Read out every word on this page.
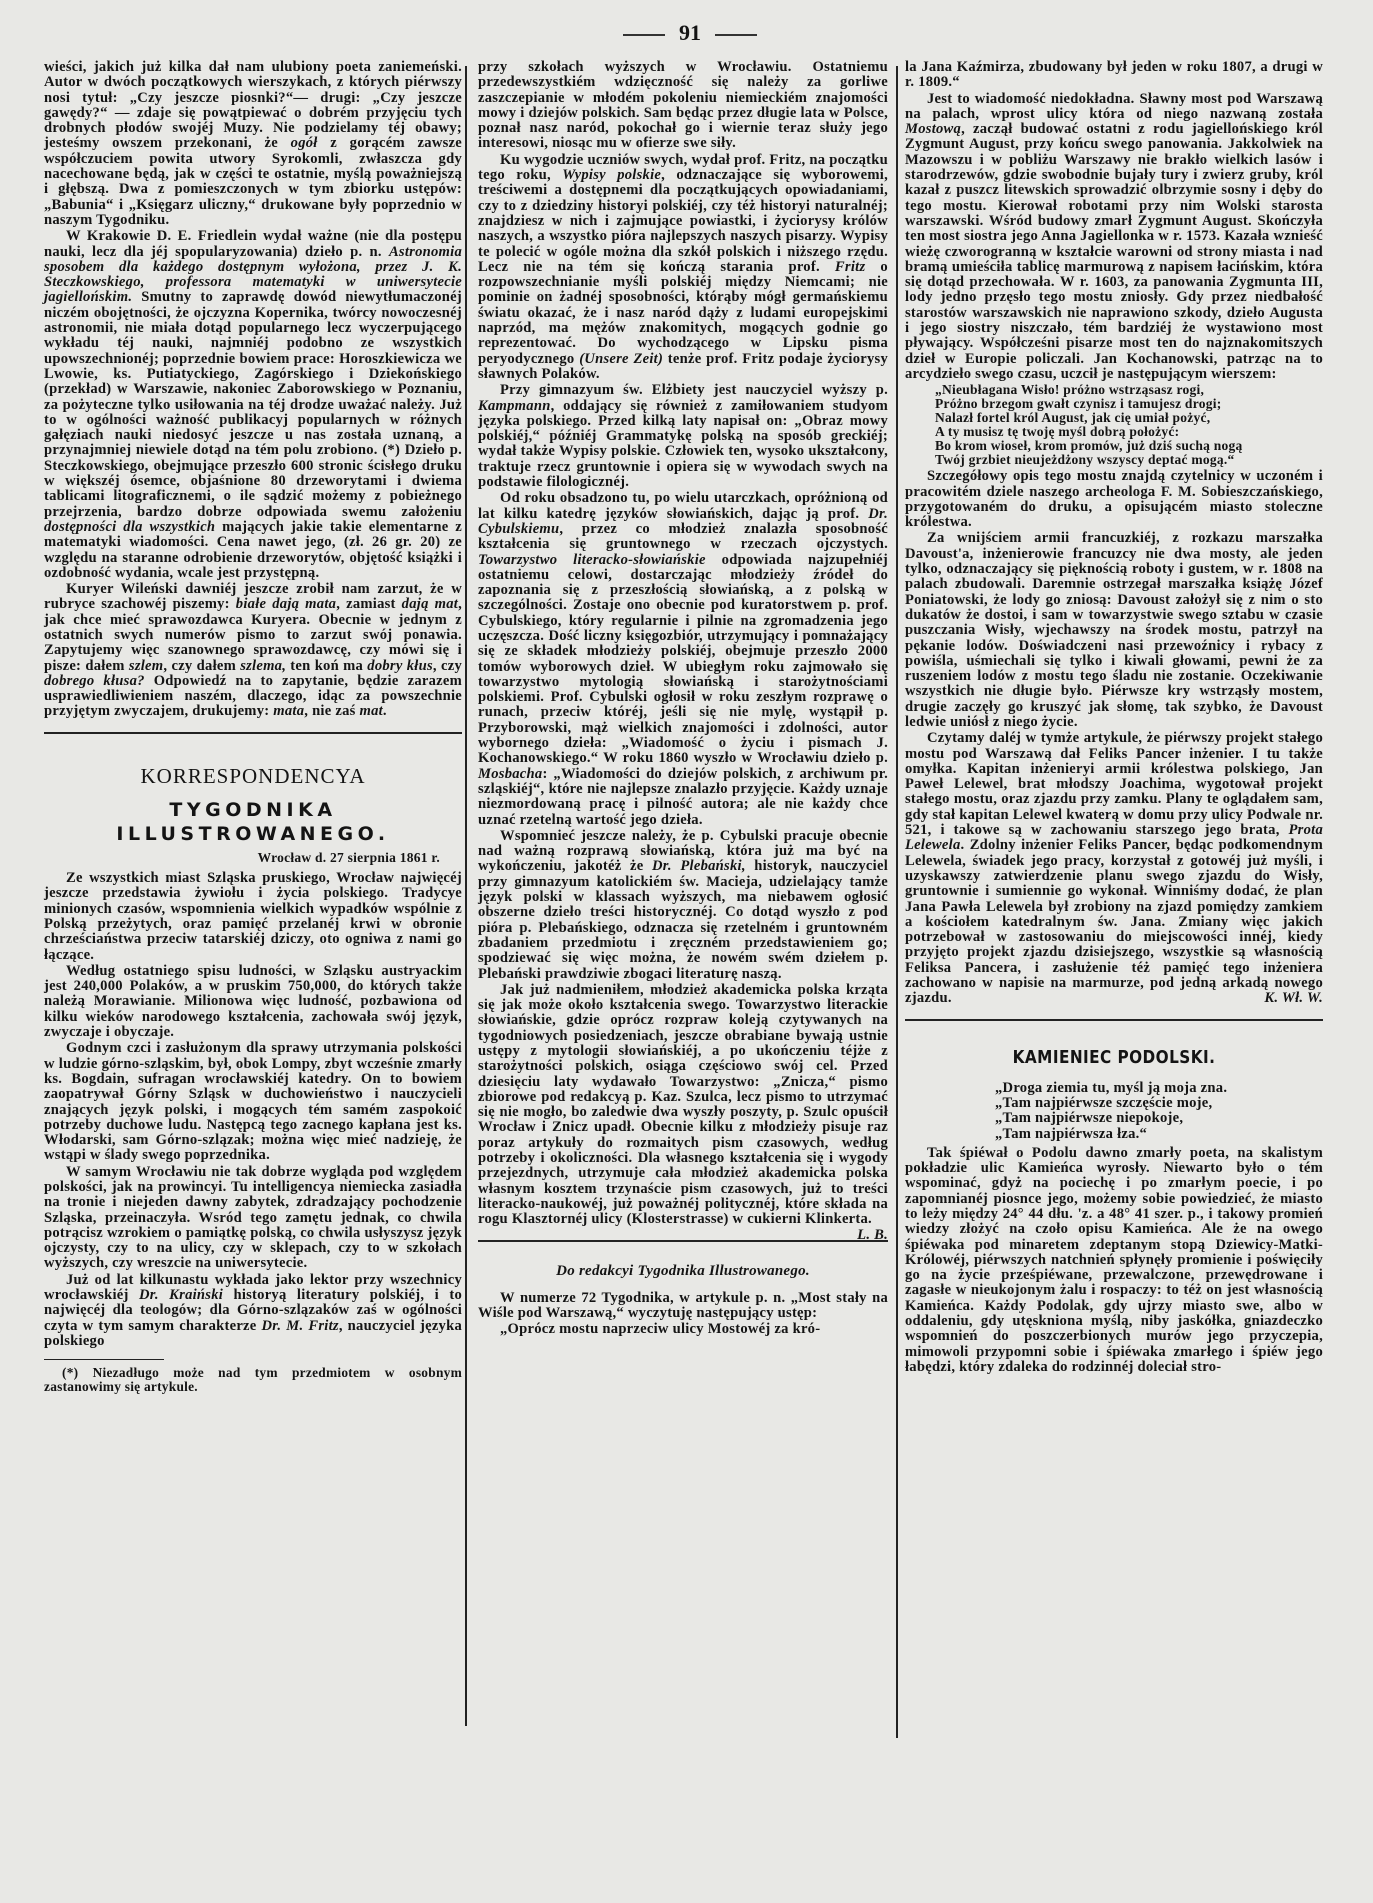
91

wieści, jakich już kilka dał nam ulubiony poeta zaniemeński. Autor w dwóch początkowych wierszykach, z których piérwszy nosi tytuł: „Czy jeszcze piosnki?“— drugi: „Czy jeszcze gawędy?“ — zdaje się powątpiewać o dobrém przyjęciu tych drobnych płodów swojéj Muzy. Nie podzielamy téj obawy; jesteśmy owszem przekonani, że ogół z gorącém zawsze współczuciem powita utwory Syrokomli, zwłaszcza gdy nacechowane będą, jak w części te ostatnie, myślą poważniejszą i głębszą. Dwa z pomieszczonych w tym zbiorku ustępów: „Babunia“ i „Księgarz uliczny,“ drukowane były poprzednio w naszym Tygodniku.

W Krakowie D. E. Friedlein wydał ważne (nie dla postępu nauki, lecz dla jéj spopularyzowania) dzieło p. n. Astronomia sposobem dla każdego dostępnym wyłożona, przez J. K. Steczkowskiego, professora matematyki w uniwersytecie jagiellońskim. Smutny to zaprawdę dowód niewytłumaczonéj niczém obojętności, że ojczyzna Kopernika, twórcy nowoczesnéj astronomii, nie miała dotąd popularnego lecz wyczerpującego wykładu téj nauki, najmniéj podobno ze wszystkich upowszechnionéj; poprzednie bowiem prace: Horoszkiewicza we Lwowie, ks. Putiatyckiego, Zagórskiego i Dziekońskiego (przekład) w Warszawie, nakoniec Zaborowskiego w Poznaniu, za pożyteczne tylko usiłowania na téj drodze uważać należy. Już to w ogólności ważność publikacyj popularnych w różnych gałęziach nauki niedosyć jeszcze u nas została uznaną, a przynajmniej niewiele dotąd na tém polu zrobiono. (*) Dzieło p. Steczkowskiego, obejmujące przeszło 600 stronic ścisłego druku w większéj ósemce, objaśnione 80 drzeworytami i dwiema tablicami litograficznemi, o ile sądzić możemy z pobieżnego przejrzenia, bardzo dobrze odpowiada swemu założeniu dostępności dla wszystkich mających jakie takie elementarne z matematyki wiadomości. Cena nawet jego, (zł. 26 gr. 20) ze względu na staranne odrobienie drzeworytów, objętość książki i ozdobność wydania, wcale jest przystępną.

Kuryer Wileński dawniéj jeszcze zrobił nam zarzut, że w rubryce szachowéj piszemy: białe dają mata, zamiast dają mat, jak chce mieć sprawozdawca Kuryera. Obecnie w jednym z ostatnich swych numerów pismo to zarzut swój ponawia. Zapytujemy więc szanownego sprawozdawcę, czy mówi się i pisze: dałem szlem, czy dałem szlema, ten koń ma dobry kłus, czy dobrego kłusa? Odpowiedź na to zapytanie, będzie zarazem usprawiedliwieniem naszém, dlaczego, idąc za powszechnie przyjętym zwyczajem, drukujemy: mata, nie zaś mat.

KORRESPONDENCYA
TYGODNIKA ILLUSTROWANEGO.
Wrocław d. 27 sierpnia 1861 r.

Ze wszystkich miast Szląska pruskiego, Wrocław najwięcéj jeszcze przedstawia żywiołu i życia polskiego. Tradycye minionych czasów, wspomnienia wielkich wypadków wspólnie z Polską przeżytych, oraz pamięć przelanéj krwi w obronie chrześciaństwa przeciw tatarskiéj dziczy, oto ogniwa z nami go łączące.

Według ostatniego spisu ludności, w Szląsku austryackim jest 240,000 Polaków, a w pruskim 750,000, do których także należą Morawianie. Milionowa więc ludność, pozbawiona od kilku wieków narodowego kształcenia, zachowała swój język, zwyczaje i obyczaje.

Godnym czci i zasłużonym dla sprawy utrzymania polskości w ludzie górno-szląskim, był, obok Lompy, zbyt wcześnie zmarły ks. Bogdain, sufragan wrocławskiéj katedry. On to bowiem zaopatrywał Górny Szląsk w duchowieństwo i nauczycieli znających język polski, i mogących tém samém zaspokoić potrzeby duchowe ludu. Następcą tego zacnego kapłana jest ks. Włodarski, sam Górno-szlązak; można więc mieć nadzieję, że wstąpi w ślady swego poprzednika.

W samym Wrocławiu nie tak dobrze wygląda pod względem polskości, jak na prowincyi. Tu intelligencya niemiecka zasiadła na tronie i niejeden dawny zabytek, zdradzający pochodzenie Szląska, przeinaczyła. Wsród tego zamętu jednak, co chwila potrącisz wzrokiem o pamiątkę polską, co chwila usłyszysz język ojczysty, czy to na ulicy, czy w sklepach, czy to w szkołach wyższych, czy wreszcie na uniwersytecie.

Już od lat kilkunastu wykłada jako lektor przy wszechnicy wrocławskiéj Dr. Kraiński historyą literatury polskiéj, i to najwięcéj dla teologów; dla Górno-szlązaków zaś w ogólności czyta w tym samym charakterze Dr. M. Fritz, nauczyciel języka polskiego

(*) Niezadługo może nad tym przedmiotem w osobnym zastanowimy się artykule.

przy szkołach wyższych w Wrocławiu. Ostatniemu przedewszystkiém wdzięczność się należy za gorliwe zaszczepianie w młodém pokoleniu niemieckiém znajomości mowy i dziejów polskich. Sam będąc przez długie lata w Polsce, poznał nasz naród, pokochał go i wiernie teraz służy jego interesowi, niosąc mu w ofierze swe siły.

Ku wygodzie uczniów swych, wydał prof. Fritz, na początku tego roku, Wypisy polskie, odznaczające się wyborowemi, treściwemi a dostępnemi dla początkujących opowiadaniami, czy to z dziedziny historyi polskiéj, czy téż historyi naturalnéj; znajdziesz w nich i zajmujące powiastki, i życiorysy królów naszych, a wszystko pióra najlepszych naszych pisarzy. Wypisy te polecić w ogóle można dla szkół polskich i niższego rzędu. Lecz nie na tém się kończą starania prof. Fritz o rozpowszechnianie myśli polskiéj między Niemcami; nie pominie on żadnéj sposobności, którąby mógł germańskiemu światu okazać, że i nasz naród dąży z ludami europejskimi naprzód, ma mężów znakomitych, mogących godnie go reprezentować. Do wychodzącego w Lipsku pisma peryodycznego (Unsere Zeit) tenże prof. Fritz podaje życiorysy sławnych Polaków.

Przy gimnazyum św. Elżbiety jest nauczyciel wyższy p. Kampmann, oddający się również z zamiłowaniem studyom języka polskiego. Przed kilką laty napisał on: „Obraz mowy polskiéj,“ późniéj Grammatykę polską na sposób greckiéj; wydał także Wypisy polskie. Człowiek ten, wysoko ukształcony, traktuje rzecz gruntownie i opiera się w wywodach swych na podstawie filologicznéj.

Od roku obsadzono tu, po wielu utarczkach, opróżnioną od lat kilku katedrę języków słowiańskich, dając ją prof. Dr. Cybulskiemu, przez co młodzież znalazła sposobność kształcenia się gruntownego w rzeczach ojczystych. Towarzystwo literacko-słowiańskie odpowiada najzupełniéj ostatniemu celowi, dostarczając młodzieży źródeł do zapoznania się z przeszłością słowiańską, a z polską w szczególności. Zostaje ono obecnie pod kuratorstwem p. prof. Cybulskiego, który regularnie i pilnie na zgromadzenia jego uczęszcza. Dość liczny księgozbiór, utrzymujący i pomnażający się ze składek młodzieży polskiéj, obejmuje przeszło 2000 tomów wyborowych dzieł. W ubiegłym roku zajmowało się towarzystwo mytologią słowiańską i starożytnościami polskiemi. Prof. Cybulski ogłosił w roku zeszłym rozprawę o runach, przeciw któréj, jeśli się nie mylę, wystąpił p. Przyborowski, mąż wielkich znajomości i zdolności, autor wybornego dzieła: „Wiadomość o życiu i pismach J. Kochanowskiego.“ W roku 1860 wyszło w Wrocławiu dzieło p. Mosbacha: „Wiadomości do dziejów polskich, z archiwum pr. szląskiéj“, które nie najlepsze znalazło przyjęcie. Każdy uznaje niezmordowaną pracę i pilność autora; ale nie każdy chce uznać rzetelną wartość jego dzieła.

Wspomnieć jeszcze należy, że p. Cybulski pracuje obecnie nad ważną rozprawą słowiańską, która już ma być na wykończeniu, jakotéż że Dr. Plebański, historyk, nauczyciel przy gimnazyum katolickiém św. Macieja, udzielający tamże język polski w klassach wyższych, ma niebawem ogłosić obszerne dzieło treści historycznéj. Co dotąd wyszło z pod pióra p. Plebańskiego, odznacza się rzetelném i gruntowném zbadaniem przedmiotu i zręczném przedstawieniem go; spodziewać się więc można, że nowém swém dziełem p. Plebański prawdziwie zbogaci literaturę naszą.

Jak już nadmieniłem, młodzież akademicka polska krząta się jak może około kształcenia swego. Towarzystwo literackie słowiańskie, gdzie oprócz rozpraw koleją czytywanych na tygodniowych posiedzeniach, jeszcze obrabiane bywają ustnie ustępy z mytologii słowiańskiéj, a po ukończeniu téjże z starożytności polskich, osiąga częściowo swój cel. Przed dziesięciu laty wydawało Towarzystwo: „Znicza,“ pismo zbiorowe pod redakcyą p. Kaz. Szulca, lecz pismo to utrzymać się nie mogło, bo zaledwie dwa wyszły poszyty, p. Szulc opuścił Wrocław i Znicz upadł. Obecnie kilku z młodzieży pisuje raz poraz artykuły do rozmaitych pism czasowych, według potrzeby i okoliczności. Dla własnego kształcenia się i wygody przejezdnych, utrzymuje cała młodzież akademicka polska własnym kosztem trzynaście pism czasowych, już to treści literacko-naukowéj, już poważnéj politycznéj, które składa na rogu Klasztornéj ulicy (Klosterstrasse) w cukierni Klinkerta.
L. B.

Do redakcyi Tygodnika Illustrowanego.

W numerze 72 Tygodnika, w artykule p. n. „Most stały na Wiśle pod Warszawą,“ wyczytuję następujący ustęp:

„Oprócz mostu naprzeciw ulicy Mostowéj za kró-

la Jana Kaźmirza, zbudowany był jeden w roku 1807, a drugi w r. 1809.“

Jest to wiadomość niedokładna. Sławny most pod Warszawą na palach, wprost ulicy która od niego nazwaną została Mostową, zaczął budować ostatni z rodu jagiellońskiego król Zygmunt August, przy końcu swego panowania. Jakkolwiek na Mazowszu i w pobliżu Warszawy nie brakło wielkich lasów i starodrzewów, gdzie swobodnie bujały tury i zwierz gruby, król kazał z puszcz litewskich sprowadzić olbrzymie sosny i dęby do tego mostu. Kierował robotami przy nim Wolski starosta warszawski. Wśród budowy zmarł Zygmunt August. Skończyła ten most siostra jego Anna Jagiellonka w r. 1573. Kazała wznieść wieżę czworogranną w kształcie warowni od strony miasta i nad bramą umieściła tablicę marmurową z napisem łacińskim, która się dotąd przechowała. W r. 1603, za panowania Zygmunta III, lody jedno przęsło tego mostu zniosły. Gdy przez niedbałość starostów warszawskich nie naprawiono szkody, dzieło Augusta i jego siostry niszczało, tém bardziéj że wystawiono most pływający. Współcześni pisarze most ten do najznakomitszych dzieł w Europie policzali. Jan Kochanowski, patrząc na to arcydzieło swego czasu, uczcił je następującym wierszem:

„Nieubłagana Wisło! próżno wstrząsasz rogi,
Próżno brzegom gwałt czynisz i tamujesz drogi;
Nalazł fortel król August, jak cię umiał pożyć,
A ty musisz tę twoję myśl dobrą położyć:
Bo krom wioseł, krom promów, już dziś suchą nogą
Twój grzbiet nieujeżdżony wszyscy deptać mogą.“

Szczegółowy opis tego mostu znajdą czytelnicy w uczoném i pracowitém dziele naszego archeologa F. M. Sobieszczańskiego, przygotowaném do druku, a opisującém miasto stoleczne królestwa.

Za wnijściem armii francuzkiéj, z rozkazu marszałka Davoust'a, inżenierowie francuzcy nie dwa mosty, ale jeden tylko, odznaczający się pięknością roboty i gustem, w r. 1808 na palach zbudowali. Daremnie ostrzegał marszałka książę Józef Poniatowski, że lody go zniosą: Davoust założył się z nim o sto dukatów że dostoi, i sam w towarzystwie swego sztabu w czasie puszczania Wisły, wjechawszy na środek mostu, patrzył na pękanie lodów. Doświadczeni nasi przewoźnicy i rybacy z powiśla, uśmiechali się tylko i kiwali głowami, pewni że za ruszeniem lodów z mostu tego śladu nie zostanie. Oczekiwanie wszystkich nie długie było. Piérwsze kry wstrząsły mostem, drugie zaczęły go kruszyć jak słomę, tak szybko, że Davoust ledwie uniósł z niego życie.

Czytamy daléj w tymże artykule, że piérwszy projekt stałego mostu pod Warszawą dał Feliks Pancer inżenier. I tu także omyłka. Kapitan inżenieryi armii królestwa polskiego, Jan Paweł Lelewel, brat młodszy Joachima, wygotował projekt stałego mostu, oraz zjazdu przy zamku. Plany te oglądałem sam, gdy stał kapitan Lelewel kwaterą w domu przy ulicy Podwale nr. 521, i takowe są w zachowaniu starszego jego brata, Prota Lelewela. Zdolny inżenier Feliks Pancer, będąc podkomendnym Lelewela, świadek jego pracy, korzystał z gotowéj już myśli, i uzyskawszy zatwierdzenie planu swego zjazdu do Wisły, gruntownie i sumiennie go wykonał. Winniśmy dodać, że plan Jana Pawła Lelewela był zrobiony na zjazd pomiędzy zamkiem a kościołem katedralnym św. Jana. Zmiany więc jakich potrzebował w zastosowaniu do miejscowości innéj, kiedy przyjęto projekt zjazdu dzisiejszego, wszystkie są własnością Feliksa Pancera, i zasłużenie téż pamięć tego inżeniera zachowano w napisie na marmurze, pod jedną arkadą nowego zjazdu.	K. Wł. W.

KAMIENIEC PODOLSKI.
„Droga ziemia tu, myśl ją moja zna.
„Tam najpiérwsze szczęście moje,
„Tam najpiérwsze niepokoje,
„Tam najpiérwsza łza.“

Tak śpiéwał o Podolu dawno zmarły poeta, na skalistym pokładzie ulic Kamieńca wyrosły. Niewarto było o tém wspominać, gdyż na pociechę i po zmarłym poecie, i po zapomnianéj piosnce jego, możemy sobie powiedzieć, że miasto to leży między 24° 44 dłu. 'z. a 48° 41 szer. p., i takowy promień wiedzy złożyć na czoło opisu Kamieńca. Ale że na owego śpiéwaka pod minaretem zdeptanym stopą Dziewicy-Matki-Królowéj, piérwszych natchnień spłynęły promienie i poświęciły go na życie prześpiéwane, przewalczone, przewędrowane i zagasłe w nieukojonym żalu i rospaczy: to téż on jest własnością Kamieńca. Każdy Podolak, gdy ujrzy miasto swe, albo w oddaleniu, gdy utęskniona myślą, niby jaskółka, gniazdeczko wspomnień do poszczerbionych murów jego przyczepia, mimowoli przypomni sobie i śpiéwaka zmarłego i śpiéw jego łabędzi, który zdaleka do rodzinnéj doleciał stro-
